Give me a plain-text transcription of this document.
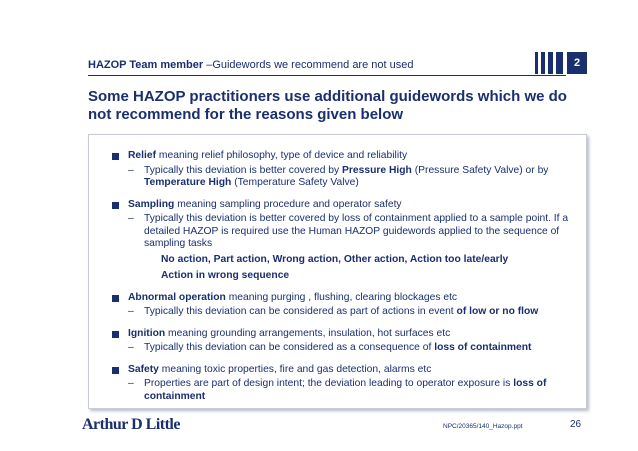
HAZOP Team member –Guidewords we recommend are not used	2
Some HAZOP practitioners use additional guidewords which we do not recommend for the reasons given below
Relief meaning relief philosophy, type of device and reliability
– Typically this deviation is better covered by Pressure High (Pressure Safety Valve) or by Temperature High (Temperature Safety Valve)
Sampling meaning sampling procedure and operator safety
– Typically this deviation is better covered by loss of containment applied to a sample point. If a detailed HAZOP is required use the Human HAZOP guidewords applied to the sequence of sampling tasks
No action, Part action, Wrong action, Other action, Action too late/early
Action in wrong sequence
Abnormal operation meaning purging , flushing, clearing blockages etc
– Typically this deviation can be considered as part of actions in event of low or no flow
Ignition meaning grounding arrangements, insulation, hot surfaces etc
– Typically this deviation can be considered as a consequence of loss of containment
Safety meaning toxic properties, fire and gas detection, alarms etc
– Properties are part of design intent; the deviation leading to operator exposure is loss of containment
Arthur D Little	NPC/20365/140_Hazop.ppt	26
